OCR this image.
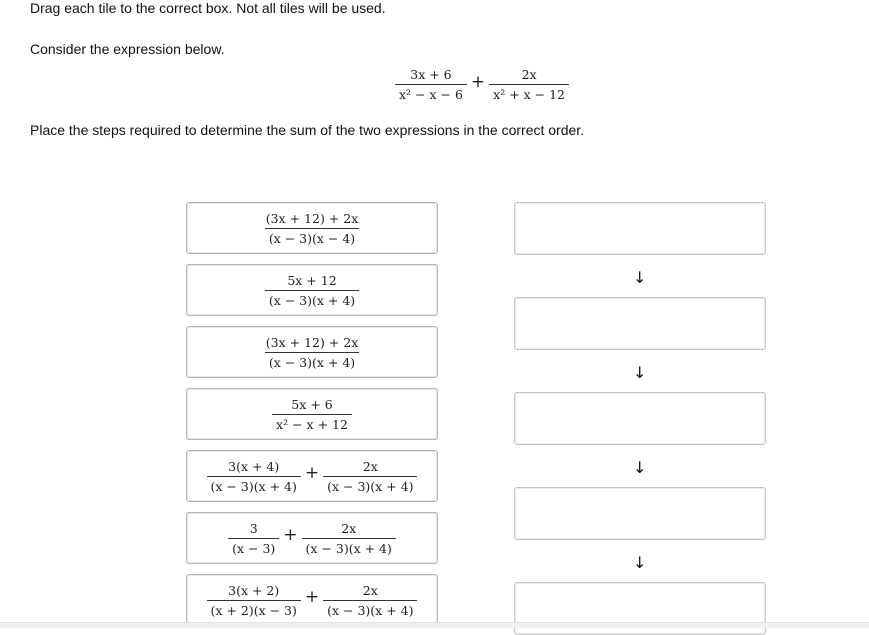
Drag each tile to the correct box. Not all tiles will be used.

Consider the expression below.

$\frac{3x + 6}{\text{x² − x − 6}} + \frac{2x}{\text{x² + x − 12}}$

Place the steps required to determine the sum of the two expressions in the correct order.

$\frac{(3x + 12) + 2x}{(x - 3)(x - 4)}$
$\frac{5x + 12}{(x - 3)(x + 4)}$
$\frac{(3x + 12) + 2x}{(x - 3)(x + 4)}$
$\frac{5x + 6}{\text{x² − x + 12}}$
$\frac{3(x + 4)}{(x - 3)(x + 4)} + \frac{2x}{(x - 3)(x + 4)}$
$\frac{3}{(x - 3)} + \frac{2x}{(x - 3)(x + 4)}$
$\frac{3(x + 2)}{(x + 2)(x - 3)} + \frac{2x}{(x - 3)(x + 4)}$
↓
↓
↓
↓
